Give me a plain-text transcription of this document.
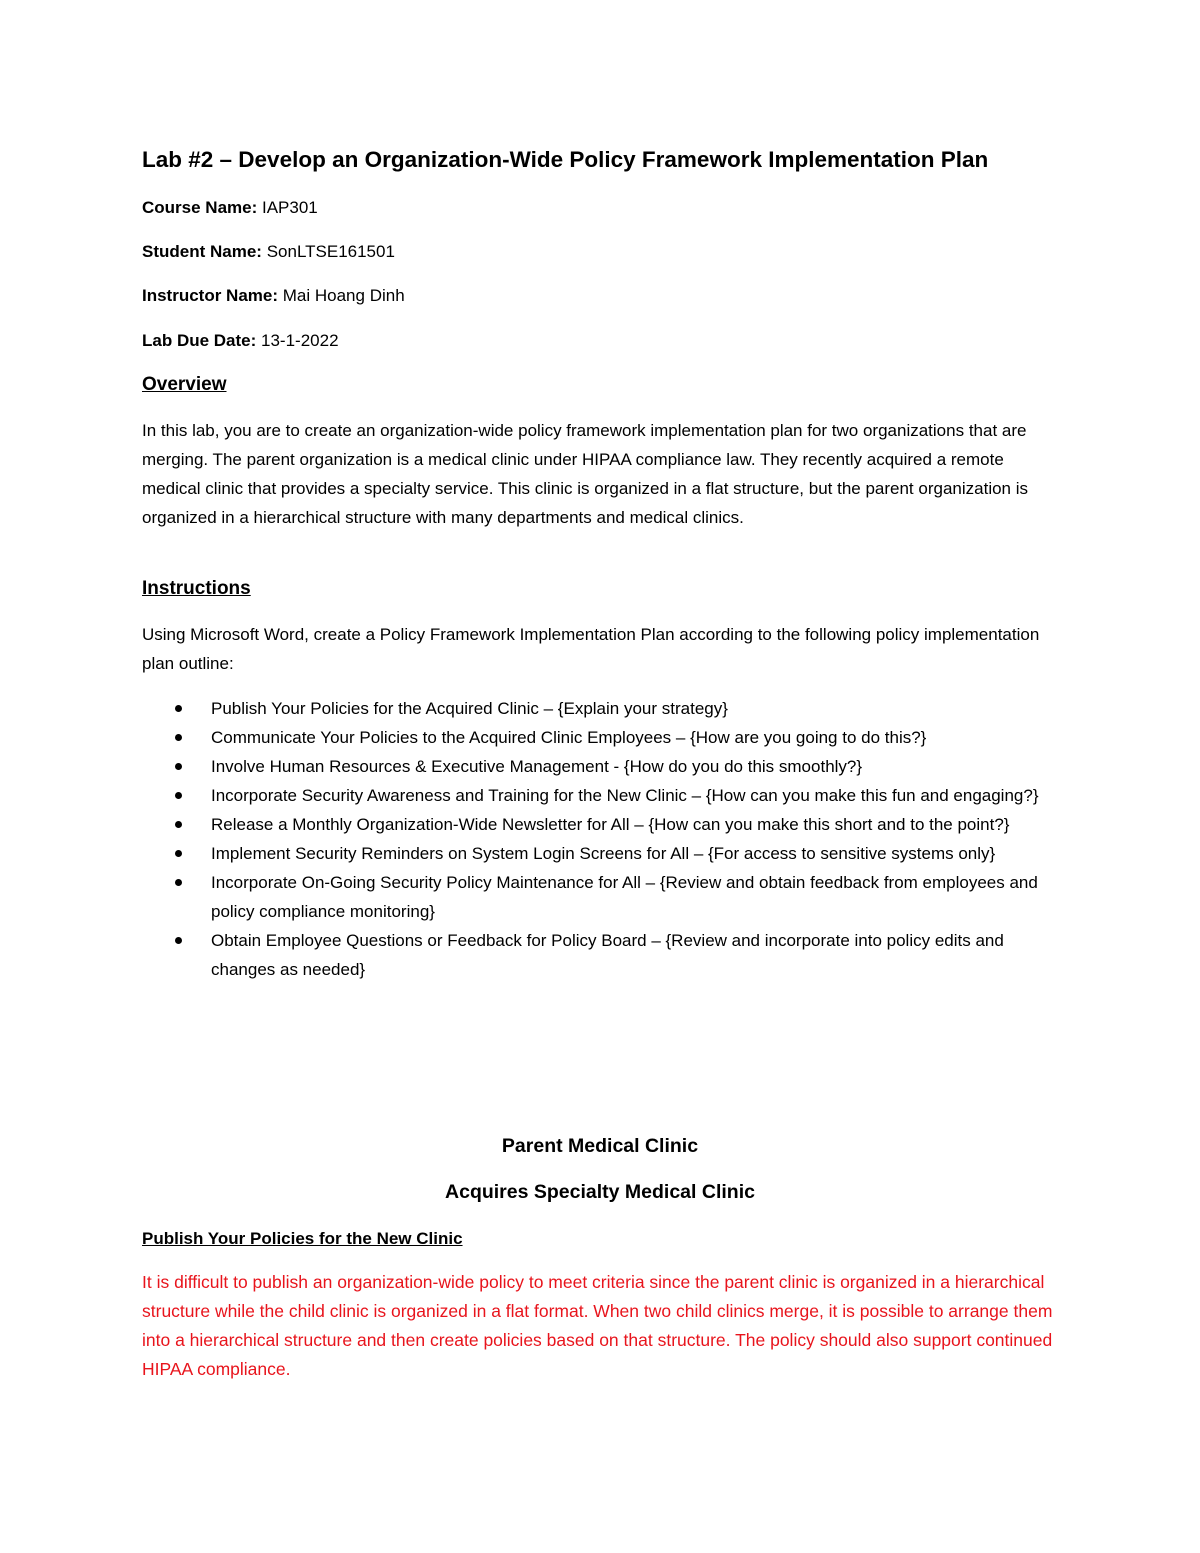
Lab #2 – Develop an Organization-Wide Policy Framework Implementation Plan
Course Name: IAP301
Student Name: SonLTSE161501
Instructor Name: Mai Hoang Dinh
Lab Due Date: 13-1-2022
Overview
In this lab, you are to create an organization-wide policy framework implementation plan for two organizations that are merging. The parent organization is a medical clinic under HIPAA compliance law. They recently acquired a remote medical clinic that provides a specialty service. This clinic is organized in a flat structure, but the parent organization is    organized in a hierarchical structure with many departments and medical clinics.
Instructions
Using Microsoft Word, create a Policy Framework Implementation Plan according to the following policy implementation plan outline:
Publish Your Policies for the Acquired Clinic – {Explain your strategy}
Communicate Your Policies to the Acquired Clinic Employees – {How are you going to do this?}
Involve Human Resources & Executive Management - {How do you do this smoothly?}
Incorporate Security Awareness and Training for the New Clinic – {How can you make this fun and engaging?}
Release a Monthly Organization-Wide Newsletter for All – {How can you make this short and to the point?}
Implement Security Reminders on System Login Screens for All – {For access to sensitive systems only}
Incorporate On-Going Security Policy Maintenance for All – {Review and obtain feedback from employees and policy compliance monitoring}
Obtain Employee Questions or Feedback for Policy Board – {Review and incorporate into policy edits and changes as needed}
Parent Medical Clinic
Acquires Specialty Medical Clinic
Publish Your Policies for the New Clinic
It is difficult to publish an organization-wide policy to meet criteria since the parent clinic is organized in a hierarchical structure while the child clinic is organized in a flat format. When two child clinics merge, it is possible to arrange them into a hierarchical structure and then create policies based on that structure. The policy should also support continued HIPAA compliance.
